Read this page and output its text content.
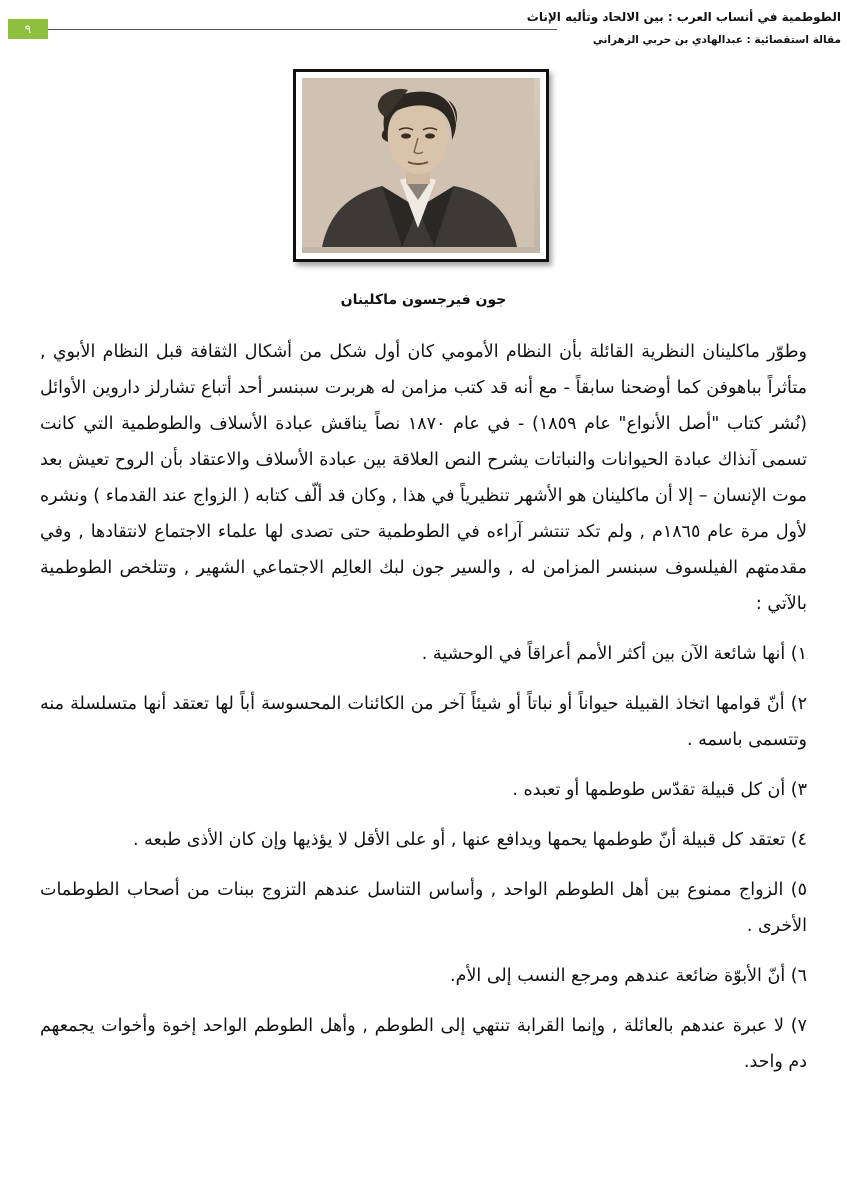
٩
الطوطمية في أنساب العرب : بين الالحاد وتأليه الإناث
مقالة استقصائية : عبدالهادي بن حربي الزهراني
جون فيرجسون ماكلينان

وطوّر ماكلينان النظرية القائلة بأن النظام الأمومي كان أول شكل من أشكال الثقافة قبل النظام الأبوي , متأثراً بباهوفن كما أوضحنا سابقاً - مع أنه قد كتب مزامن له هربرت سبنسر أحد أتباع تشارلز داروين الأوائل (نُشر كتاب "أصل الأنواع" عام ١٨٥٩) - في عام ١٨٧٠ نصاً يناقش عبادة الأسلاف والطوطمية التي كانت تسمى آنذاك عبادة الحيوانات والنباتات يشرح النص العلاقة بين عبادة الأسلاف والاعتقاد بأن الروح تعيش بعد موت الإنسان – إلا أن ماكلينان هو الأشهر تنظيرياً في هذا , وكان قد ألّف كتابه ( الزواج عند القدماء ) ونشره لأول مرة عام ١٨٦٥م , ولم تكد تنتشر آراءه في الطوطمية حتى تصدى لها علماء الاجتماع لانتقادها , وفي مقدمتهم الفيلسوف سبنسر المزامن له , والسير جون لبك العالِم الاجتماعي الشهير , وتتلخص الطوطمية بالآتي :

١) أنها شائعة الآن بين أكثر الأمم أعراقاً في الوحشية .

٢) أنّ قوامها اتخاذ القبيلة حيواناً أو نباتاً أو شيئاً آخر من الكائنات المحسوسة أباً لها تعتقد أنها متسلسلة منه وتتسمى باسمه .

٣) أن كل قبيلة تقدّس طوطمها أو تعبده .

٤) تعتقد كل قبيلة أنّ طوطمها يحمها ويدافع عنها , أو على الأقل لا يؤذيها وإن كان الأذى طبعه .

٥) الزواج ممنوع بين أهل الطوطم الواحد , وأساس التناسل عندهم التزوج ببنات من أصحاب الطوطمات الأخرى .

٦) أنّ الأبوّة ضائعة عندهم ومرجع النسب إلى الأم.

٧) لا عبرة عندهم بالعائلة , وإنما القرابة تنتهي إلى الطوطم , وأهل الطوطم الواحد إخوة وأخوات يجمعهم دم واحد.
